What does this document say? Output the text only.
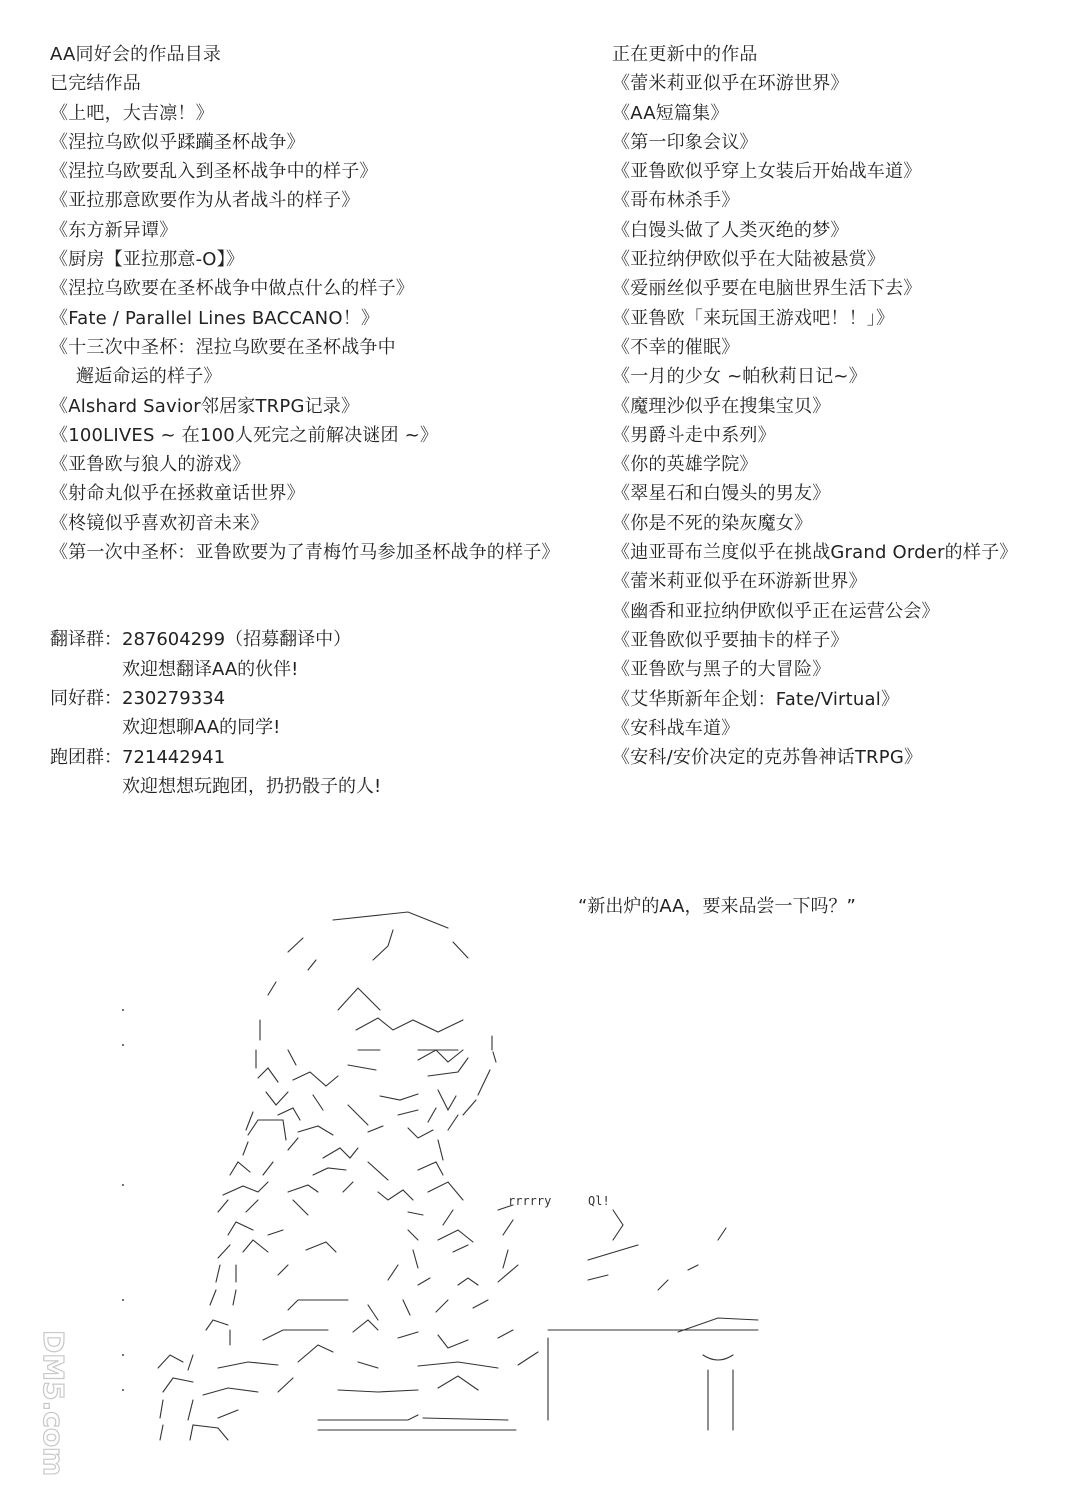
AA同好会的作品目录
已完结作品
《上吧，大吉凛！》
《涅拉乌欧似乎蹂躏圣杯战争》
《涅拉乌欧要乱入到圣杯战争中的样子》
《亚拉那意欧要作为从者战斗的样子》
《东方新异谭》
《厨房【亚拉那意-O】》
《涅拉乌欧要在圣杯战争中做点什么的样子》
《Fate / Parallel Lines BACCANO！》
《十三次中圣杯：涅拉乌欧要在圣杯战争中
邂逅命运的样子》
《Alshard Savior邻居家TRPG记录》
《100LIVES ~ 在100人死完之前解决谜团 ~》
《亚鲁欧与狼人的游戏》
《射命丸似乎在拯救童话世界》
《柊镜似乎喜欢初音未来》
《第一次中圣杯：亚鲁欧要为了青梅竹马参加圣杯战争的样子》
翻译群： 287604299（招募翻译中）
欢迎想翻译AA的伙伴!
同好群： 230279334
欢迎想聊AA的同学!
跑团群： 721442941
欢迎想想玩跑团，扔扔骰子的人!
正在更新中的作品
《蕾米莉亚似乎在环游世界》
《AA短篇集》
《第一印象会议》
《亚鲁欧似乎穿上女装后开始战车道》
《哥布林杀手》
《白馒头做了人类灭绝的梦》
《亚拉纳伊欧似乎在大陆被悬赏》
《爱丽丝似乎要在电脑世界生活下去》
《亚鲁欧「来玩国王游戏吧！！」》
《不幸的催眠》
《一月的少女 ~帕秋莉日记~》
《魔理沙似乎在搜集宝贝》
《男爵斗走中系列》
《你的英雄学院》
《翠星石和白馒头的男友》
《你是不死的染灰魔女》
《迪亚哥布兰度似乎在挑战Grand Order的样子》
《蕾米莉亚似乎在环游新世界》
《幽香和亚拉纳伊欧似乎正在运营公会》
《亚鲁欧似乎要抽卡的样子》
《亚鲁欧与黑子的大冒险》
《艾华斯新年企划：Fate/Virtual》
《安科战车道》
《安科/安价决定的克苏鲁神话TRPG》
“新出炉的AA，要来品尝一下吗？”
rrrrry	Ql!
DM5.com
